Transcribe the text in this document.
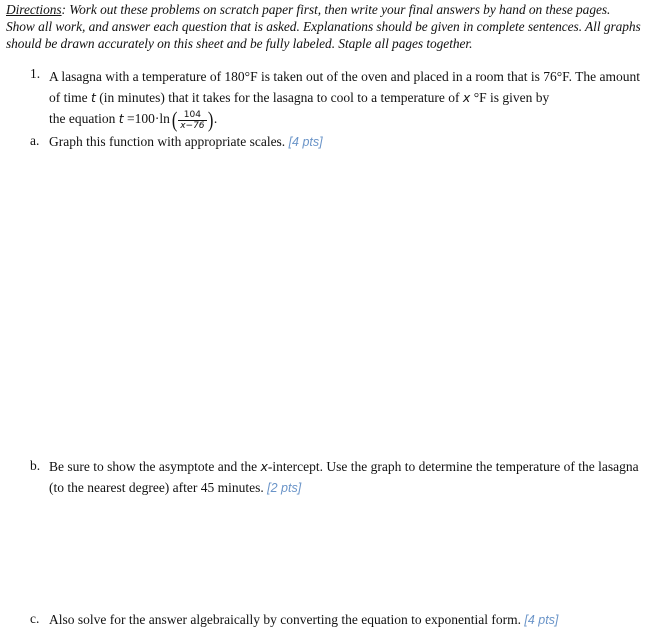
Directions: Work out these problems on scratch paper first, then write your final answers by hand on these pages. Show all work, and answer each question that is asked. Explanations should be given in complete sentences. All graphs should be drawn accurately on this sheet and be fully labeled. Staple all pages together.
1. A lasagna with a temperature of 180°F is taken out of the oven and placed in a room that is 76°F. The amount of time t (in minutes) that it takes for the lasagna to cool to a temperature of x °F is given by
the equation $t =100\cdot\ln( \frac{104}{x-76}$ ).
a. Graph this function with appropriate scales. [4 pts]
b. Be sure to show the asymptote and the x-intercept. Use the graph to determine the temperature of the lasagna (to the nearest degree) after 45 minutes. [2 pts]
c. Also solve for the answer algebraically by converting the equation to exponential form. [4 pts]
